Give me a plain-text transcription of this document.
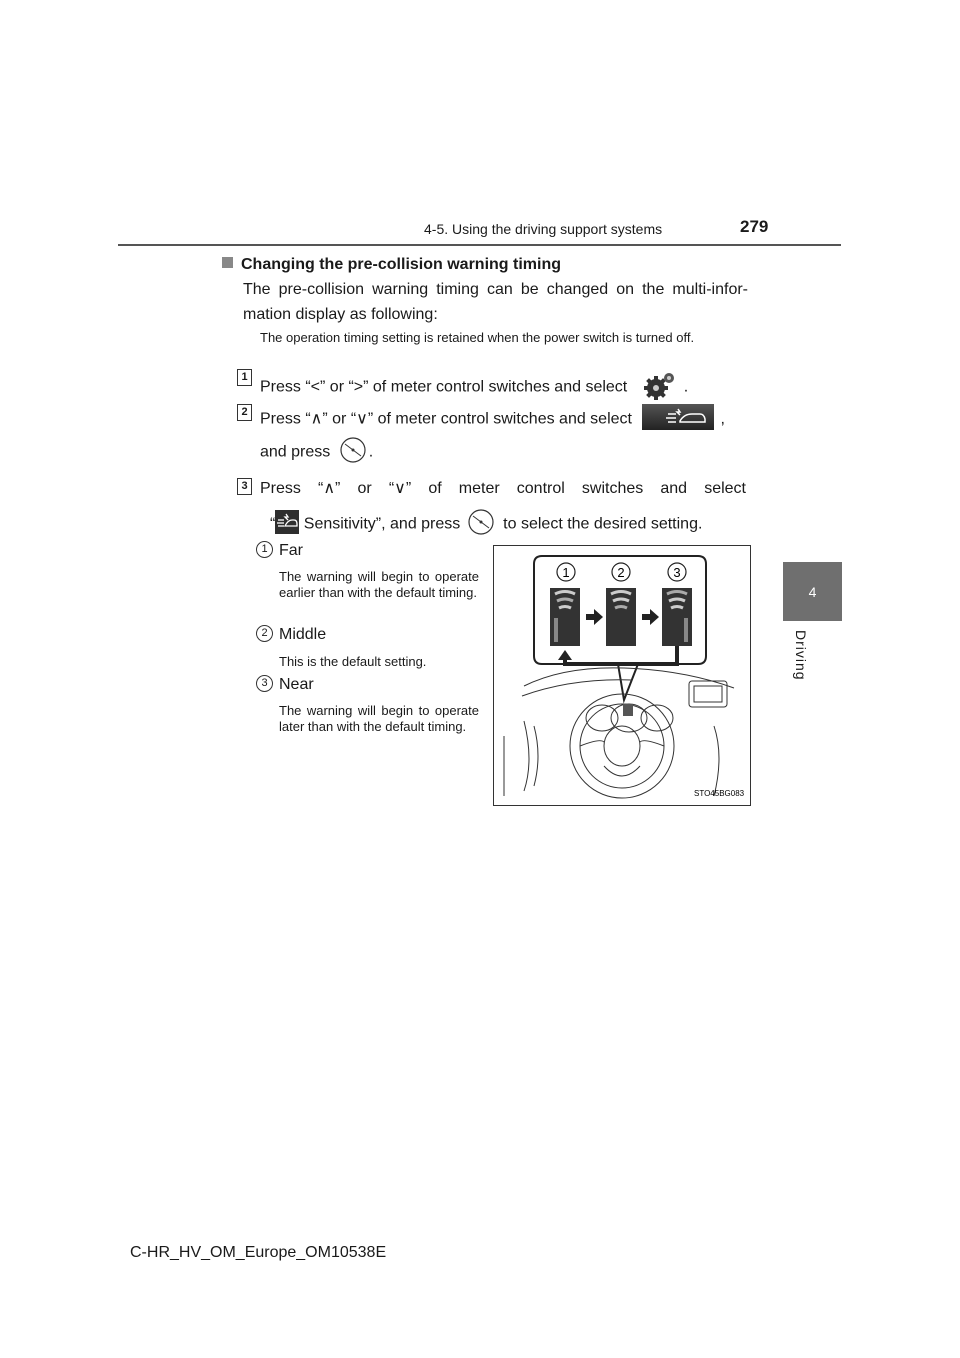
4-5. Using the driving support systems	279
4
Driving
Changing the pre-collision warning timing
The pre-collision warning timing can be changed on the multi-infor-mation display as following:
The operation timing setting is retained when the power switch is turned off.
1
Press “<” or “>” of meter control switches and select	.
2 Press “∧” or “∨” of meter control switches and select	,
and press .
3 Press “∧” or “∨” of meter control switches and select
“ Sensitivity”, and press  to select the desired setting.
1 Far
The warning will begin to operate earlier than with the default timing.
2 Middle
This is the default setting.
3 Near
The warning will begin to operate later than with the default timing.
1	2	3
STO45BG083
C-HR_HV_OM_Europe_OM10538E
